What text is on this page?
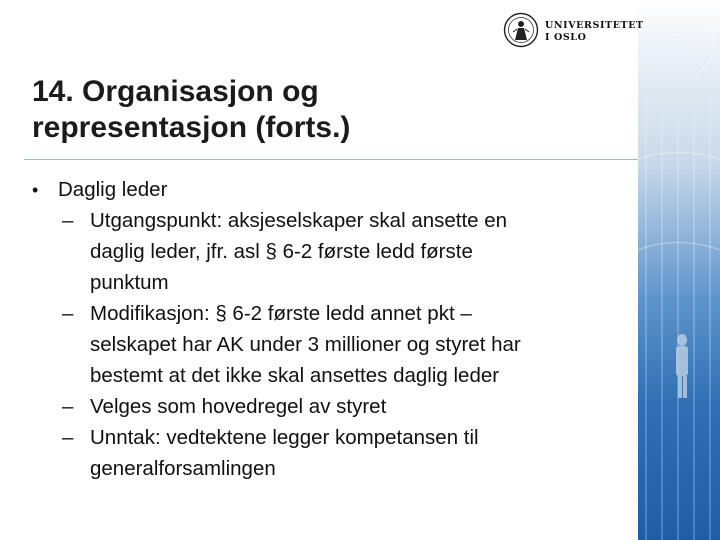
UNIVERSITETET
I OSLO
14. Organisasjon og
representasjon (forts.)
• Daglig leder
– Utgangspunkt: aksjeselskaper skal ansette en
daglig leder, jfr. asl § 6-2 første ledd første
punktum
– Modifikasjon: § 6-2 første ledd annet pkt –
selskapet har AK under 3 millioner og styret har
bestemt at det ikke skal ansettes daglig leder
– Velges som hovedregel av styret
– Unntak: vedtektene legger kompetansen til
generalforsamlingen
